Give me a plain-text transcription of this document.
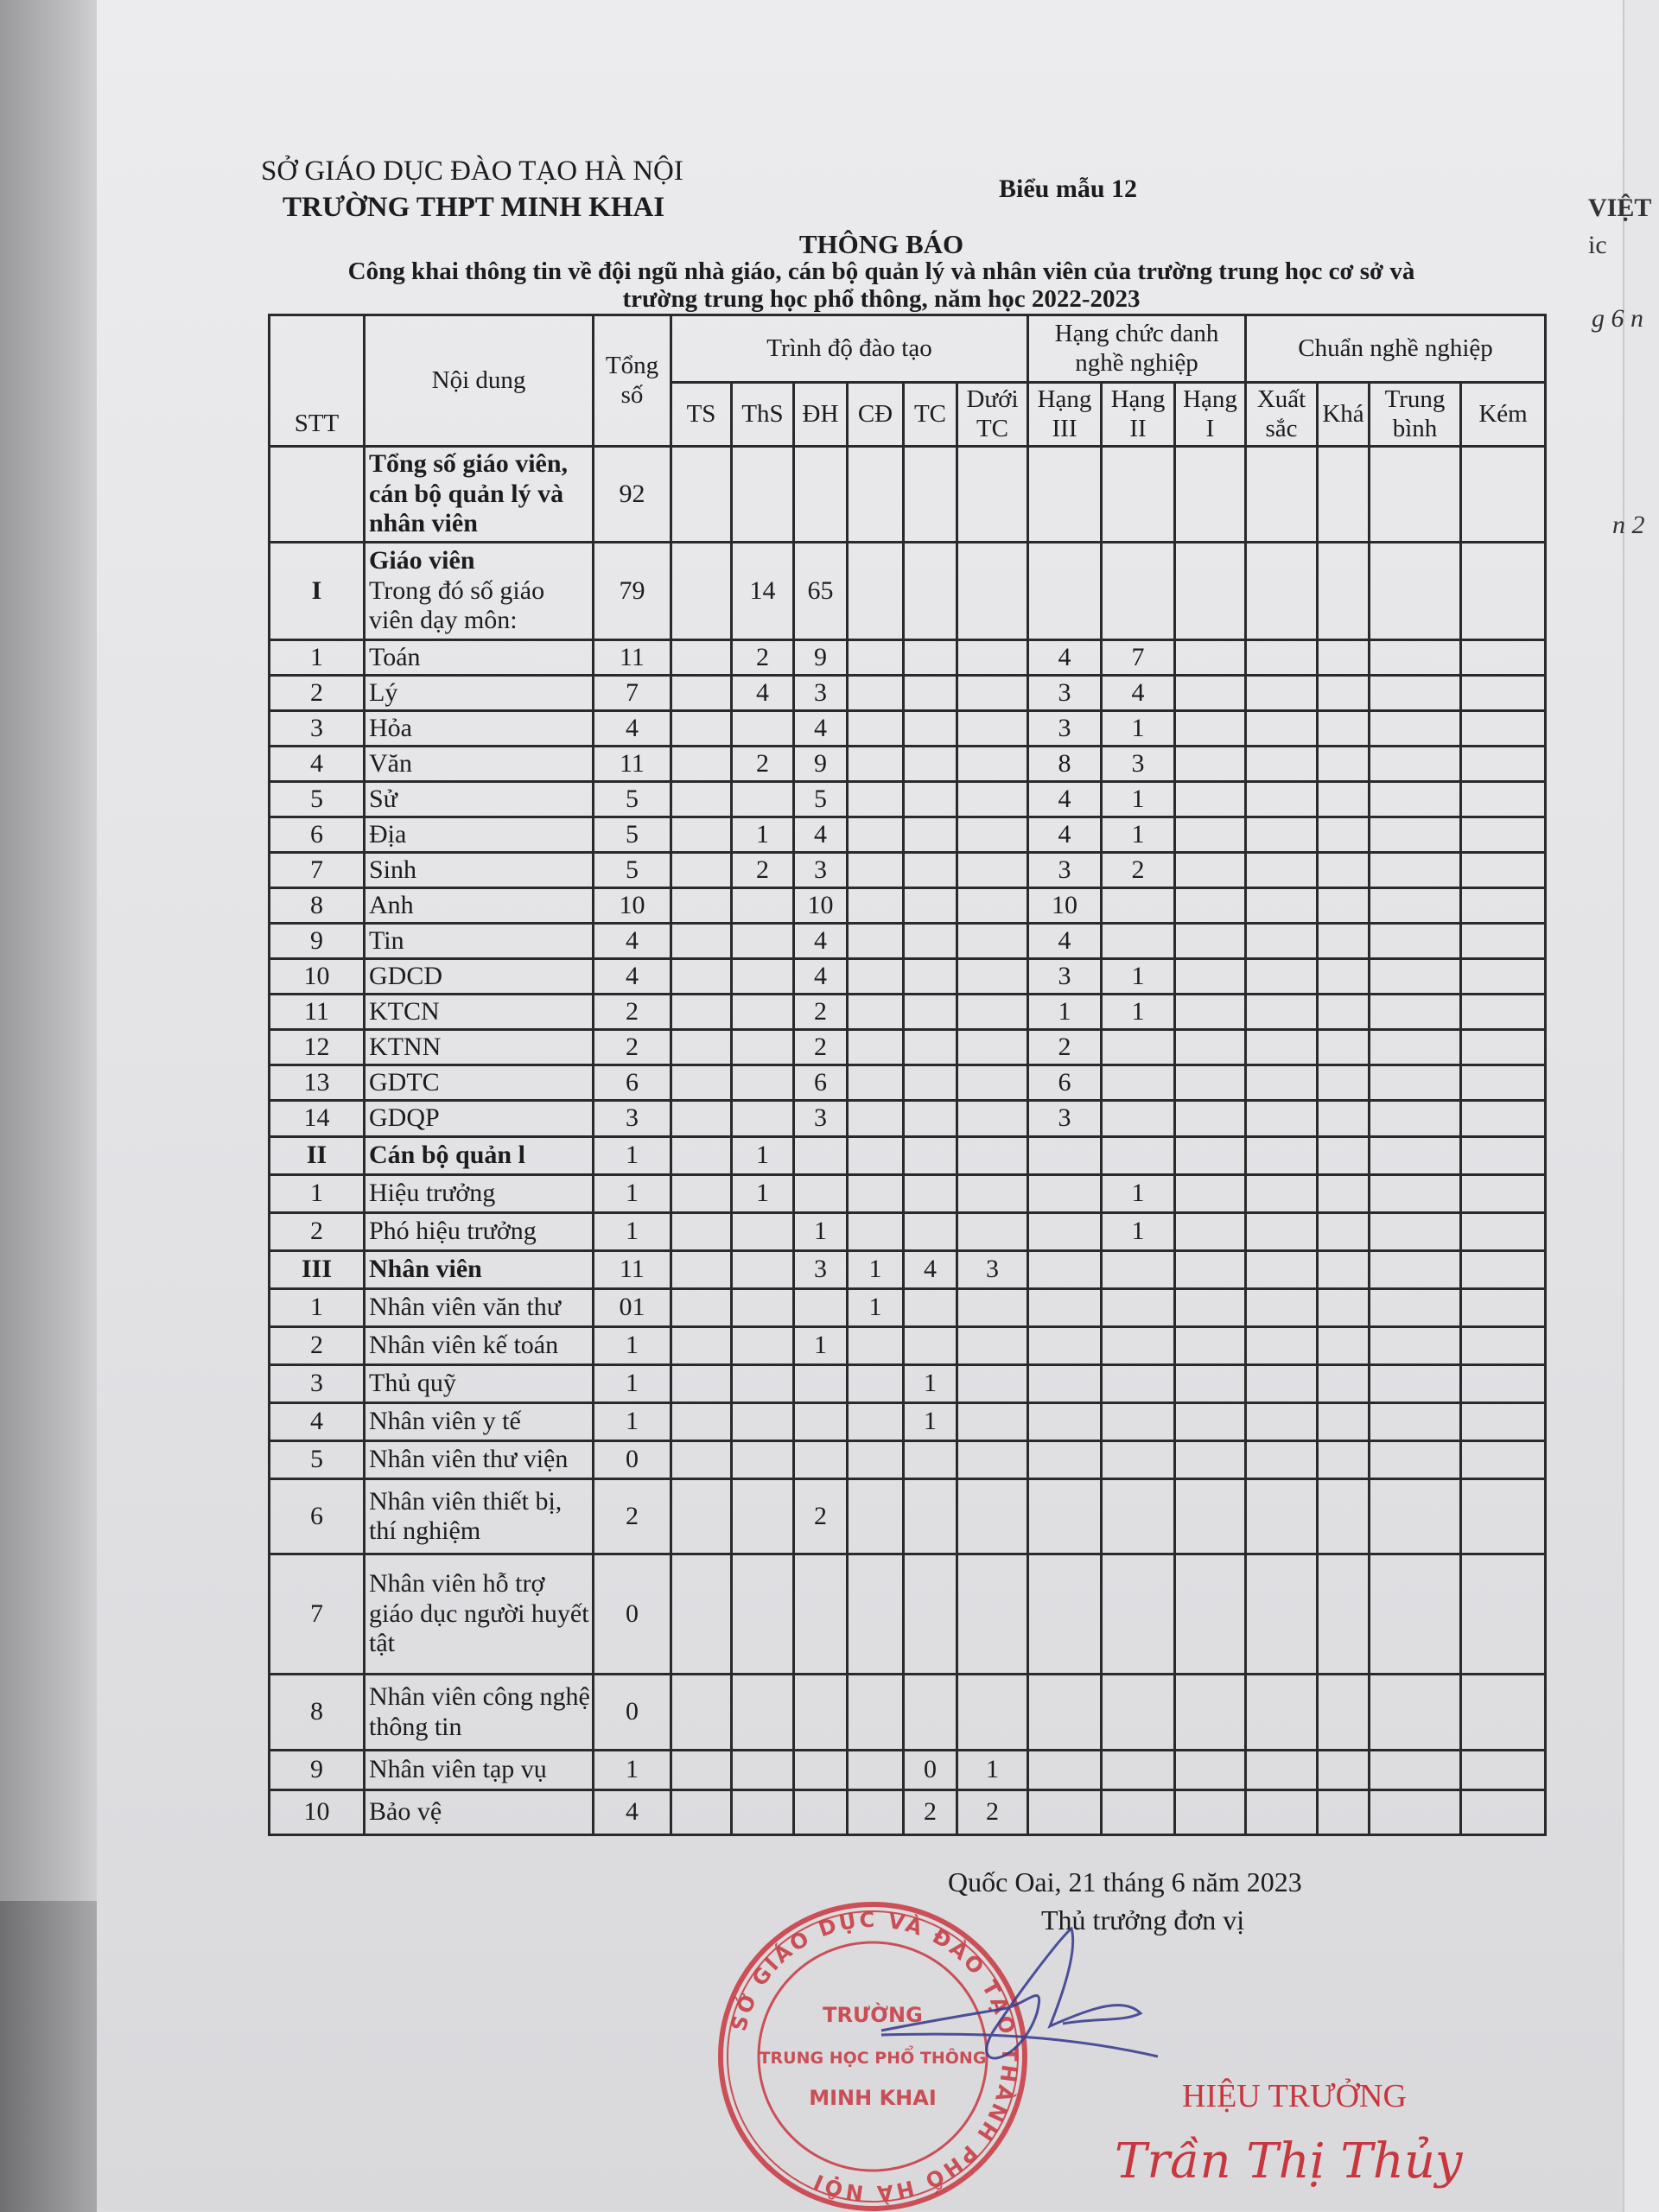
VIỆT
ic
g 6 n
n 2
SỞ GIÁO DỤC ĐÀO TẠO HÀ NỘI
TRƯỜNG THPT MINH KHAI
Biểu mẫu 12
THÔNG BÁO
Công khai thông tin về đội ngũ nhà giáo, cán bộ quản lý và nhân viên của trường trung học cơ sở và
trường trung học phổ thông, năm học 2022-2023
STT	Nội dung	Tổng số	Trình độ đào tạo						Hạng chức danh nghề nghiệp			Chuẩn nghề nghiệp			
			TS	ThS	ĐH	CĐ	TC	Dưới TC	Hạng III	Hạng II	Hạng I	Xuất sắc	Khá	Trung bình	Kém
	Tổng số giáo viên, cán bộ quản lý và nhân viên	92													
I	Giáo viên
Trong đó số giáo viên dạy môn:	79		14	65										
1	Toán	11		2	9				4	7					
2	Lý	7		4	3				3	4					
3	Hỏa	4			4				3	1					
4	Văn	11		2	9				8	3					
5	Sử	5			5				4	1					
6	Địa	5		1	4				4	1					
7	Sinh	5		2	3				3	2					
8	Anh	10			10				10						
9	Tin	4			4				4						
10	GDCD	4			4				3	1					
11	KTCN	2			2				1	1					
12	KTNN	2			2				2						
13	GDTC	6			6				6						
14	GDQP	3			3				3						
II	Cán bộ quản l	1		1											
1	Hiệu trưởng	1		1						1					
2	Phó hiệu trưởng	1			1					1					
III	Nhân viên	11			3	1	4	3							
1	Nhân viên văn thư	01				1									
2	Nhân viên kế toán	1			1										
3	Thủ quỹ	1					1								
4	Nhân viên y tế	1					1								
5	Nhân viên thư viện	0													
6	Nhân viên thiết bị, thí nghiệm	2			2										
7	Nhân viên hỗ trợ giáo dục người huyết tật	0													
8	Nhân viên công nghệ thông tin	0													
9	Nhân viên tạp vụ	1					0	1							
10	Bảo vệ	4					2	2							
Quốc Oai, 21 tháng 6 năm 2023
Thủ trưởng đơn vị
SỞ GIÁO DỤC VÀ ĐÀO TẠO THÀNH PHỐ HÀ NỘI
TRƯỜNG
TRUNG HỌC PHỔ THÔNG
MINH KHAI	HIỆU TRƯỞNG
Trần Thị Thủy
